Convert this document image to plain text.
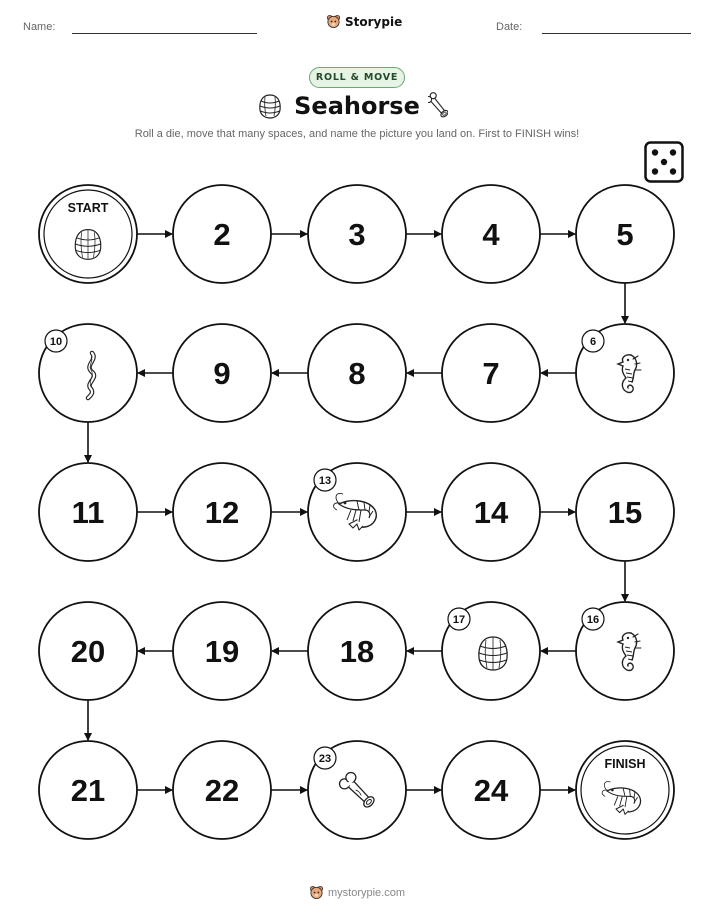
Name:	Storypie	Date:
ROLL & MOVE
Seahorse
Roll a die, move that many spaces, and name the picture you land on. First to FINISH wins!
START
2	3	4	5
6
7
8
9
10
11	12
13
14	15
16
17
18
19
20
21	22
23
24
FINISH
mystorypie.com
